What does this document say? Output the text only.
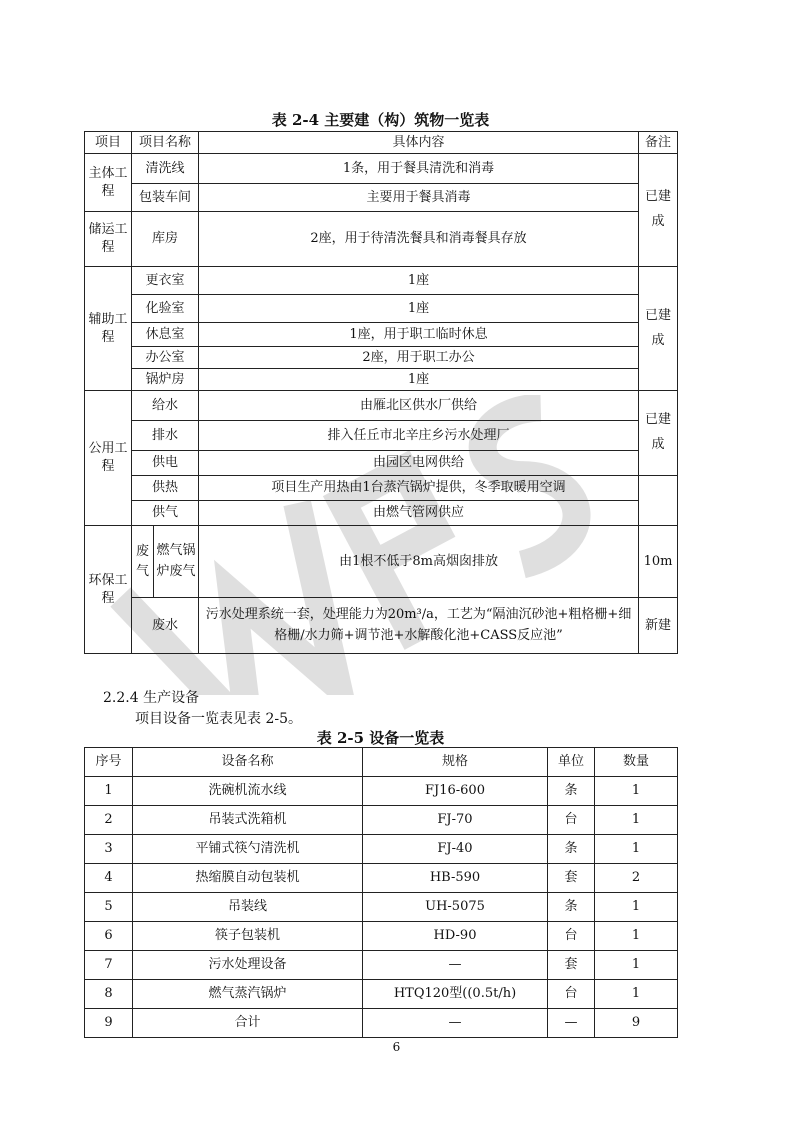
表 2-4 主要建（构）筑物一览表
项目	项目名称		具体内容	备注
主体工程	清洗线		1条，用于餐具清洗和消毒	已建成
	包装车间		主要用于餐具消毒	
储运工程	库房		2座，用于待清洗餐具和消毒餐具存放	
辅助工程	更衣室		1座	已建成
	化验室		1座	
	休息室		1座，用于职工临时休息	
	办公室		2座，用于职工办公	
	锅炉房		1座	
公用工程	给水		由雁北区供水厂供给	已建成
	排水		排入任丘市北辛庄乡污水处理厂	
	供电		由园区电网供给	
	供热		项目生产用热由1台蒸汽锅炉提供，冬季取暖用空调	
	供气		由燃气管网供应	
环保工程	废气	燃气锅炉废气	由1根不低于8m高烟囱排放	10m
	废水		污水处理系统一套，处理能力为20m³/a，工艺为“隔油沉砂池+粗格栅+细格栅/水力筛+调节池+水解酸化池+CASS反应池”	新建
2.2.4 生产设备
项目设备一览表见表 2-5。
表 2-5 设备一览表
序号	设备名称	规格	单位	数量
1	洗碗机流水线	FJ16-600	条	1
2	吊装式洗箱机	FJ-70	台	1
3	平铺式筷勺清洗机	FJ-40	条	1
4	热缩膜自动包装机	HB-590	套	2
5	吊装线	UH-5075	条	1
6	筷子包装机	HD-90	台	1
7	污水处理设备	—	套	1
8	燃气蒸汽锅炉	HTQ120型((0.5t/h)	台	1
9	合计	—	—	9
6
